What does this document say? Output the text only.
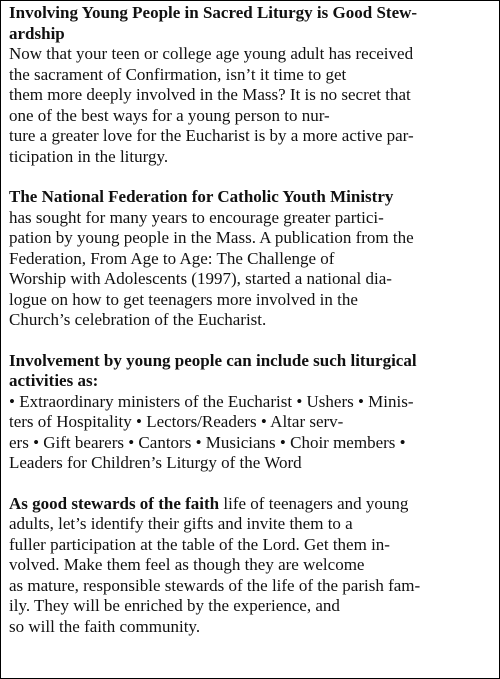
Involving Young People in Sacred Liturgy is Good Stew-
ardship
Now that your teen or college age young adult has received
the sacrament of Confirmation, isn’t it time to get
them more deeply involved in the Mass? It is no secret that
one of the best ways for a young person to nur-
ture a greater love for the Eucharist is by a more active par-
ticipation in the liturgy.
The National Federation for Catholic Youth Ministry
has sought for many years to encourage greater partici-
pation by young people in the Mass. A publication from the
Federation, From Age to Age: The Challenge of
Worship with Adolescents (1997), started a national dia-
logue on how to get teenagers more involved in the
Church’s celebration of the Eucharist.
Involvement by young people can include such liturgical
activities as:
• Extraordinary ministers of the Eucharist • Ushers • Minis-
ters of Hospitality • Lectors/Readers • Altar serv-
ers • Gift bearers • Cantors • Musicians • Choir members •
Leaders for Children’s Liturgy of the Word
As good stewards of the faith life of teenagers and young
adults, let’s identify their gifts and invite them to a
fuller participation at the table of the Lord. Get them in-
volved. Make them feel as though they are welcome
as mature, responsible stewards of the life of the parish fam-
ily. They will be enriched by the experience, and
so will the faith community.
